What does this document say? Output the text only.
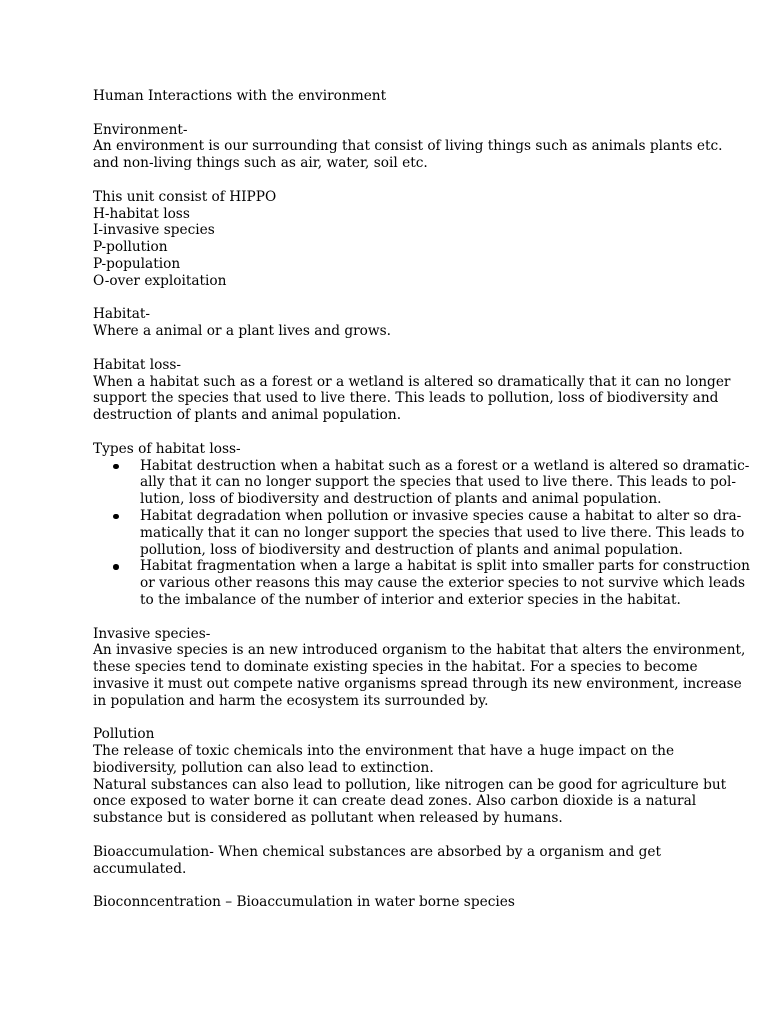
Human Interactions with the environment
Environment-
An environment is our surrounding that consist of living things such as animals plants etc.
and non-living things such as air, water, soil etc.
This unit consist of HIPPO
H-habitat loss
I-invasive species
P-pollution
P-population
O-over exploitation
Habitat-
Where a animal or a plant lives and grows.
Habitat loss-
When a habitat such as a forest or a wetland is altered so dramatically that it can no longer
support the species that used to live there. This leads to pollution, loss of biodiversity and
destruction of plants and animal population.
Types of habitat loss-
Habitat destruction when a habitat such as a forest or a wetland is altered so dramatic-
ally that it can no longer support the species that used to live there. This leads to pol-
lution, loss of biodiversity and destruction of plants and animal population.
Habitat degradation when pollution or invasive species cause a habitat to alter so dra-
matically that it can no longer support the species that used to live there. This leads to
pollution, loss of biodiversity and destruction of plants and animal population.
Habitat fragmentation when a large a habitat is split into smaller parts for construction
or various other reasons this may cause the exterior species to not survive which leads
to the imbalance of the number of interior and exterior species in the habitat.
Invasive species-
An invasive species is an new introduced organism to the habitat that alters the environment,
these species tend to dominate existing species in the habitat. For a species to become
invasive it must out compete native organisms spread through its new environment, increase
in population and harm the ecosystem its surrounded by.
Pollution
The release of toxic chemicals into the environment that have a huge impact on the
biodiversity, pollution can also lead to extinction.
Natural substances can also lead to pollution, like nitrogen can be good for agriculture but
once exposed to water borne it can create dead zones. Also carbon dioxide is a natural
substance but is considered as pollutant when released by humans.
Bioaccumulation- When chemical substances are absorbed by a organism and get
accumulated.
Bioconncentration – Bioaccumulation in water borne species
